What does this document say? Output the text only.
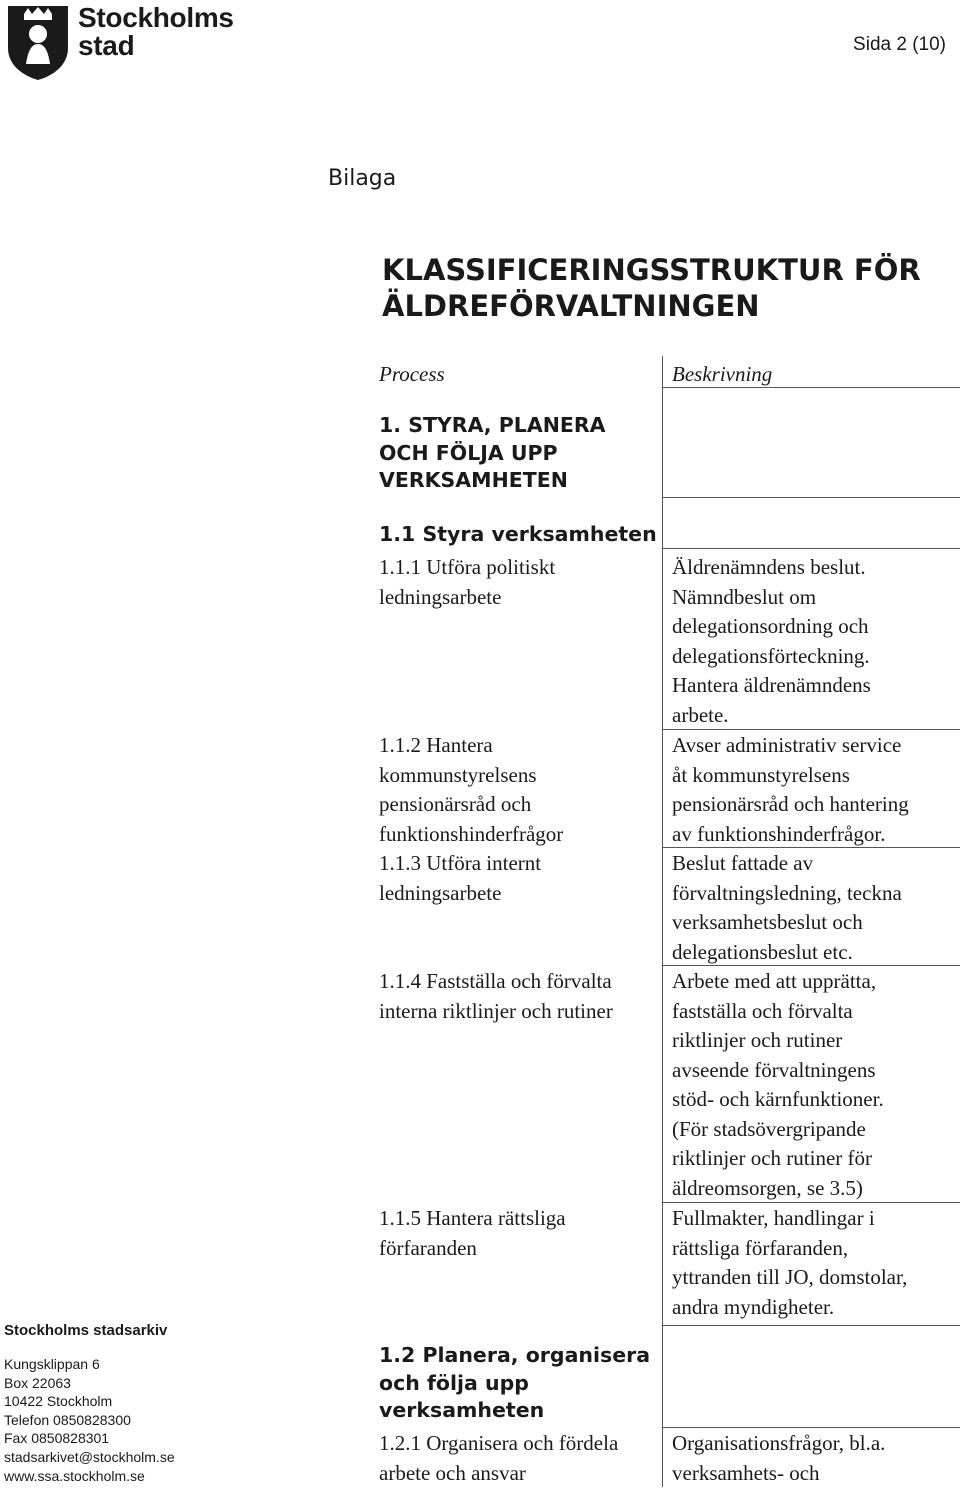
Stockholms
stad	Sida 2 (10)
Bilaga
KLASSIFICERINGSSTRUKTUR FÖR
ÄLDREFÖRVALTNINGEN
Process	Beskrivning
1. STYRA, PLANERA
OCH FÖLJA UPP
VERKSAMHETEN
1.1 Styra verksamheten
1.1.1 Utföra politiskt
ledningsarbete
Äldrenämndens beslut.
Nämndbeslut om
delegationsordning och
delegationsförteckning.
Hantera äldrenämndens
arbete.
1.1.2 Hantera
kommunstyrelsens
pensionärsråd och
funktionshinderfrågor
Avser administrativ service
åt kommunstyrelsens
pensionärsråd och hantering
av funktionshinderfrågor.
1.1.3 Utföra internt
ledningsarbete
Beslut fattade av
förvaltningsledning, teckna
verksamhetsbeslut och
delegationsbeslut etc.
1.1.4 Fastställa och förvalta
interna riktlinjer och rutiner
Arbete med att upprätta,
fastställa och förvalta
riktlinjer och rutiner
avseende förvaltningens
stöd- och kärnfunktioner.
(För stadsövergripande
riktlinjer och rutiner för
äldreomsorgen, se 3.5)
1.1.5 Hantera rättsliga
förfaranden
Fullmakter, handlingar i
rättsliga förfaranden,
yttranden till JO, domstolar,
andra myndigheter.
1.2 Planera, organisera
och följa upp
verksamheten
1.2.1 Organisera och fördela
arbete och ansvar
Organisationsfrågor, bl.a.
verksamhets- och
Stockholms stadsarkiv
Kungsklippan 6
Box 22063
10422 Stockholm
Telefon 0850828300
Fax 0850828301
stadsarkivet@stockholm.se
www.ssa.stockholm.se
